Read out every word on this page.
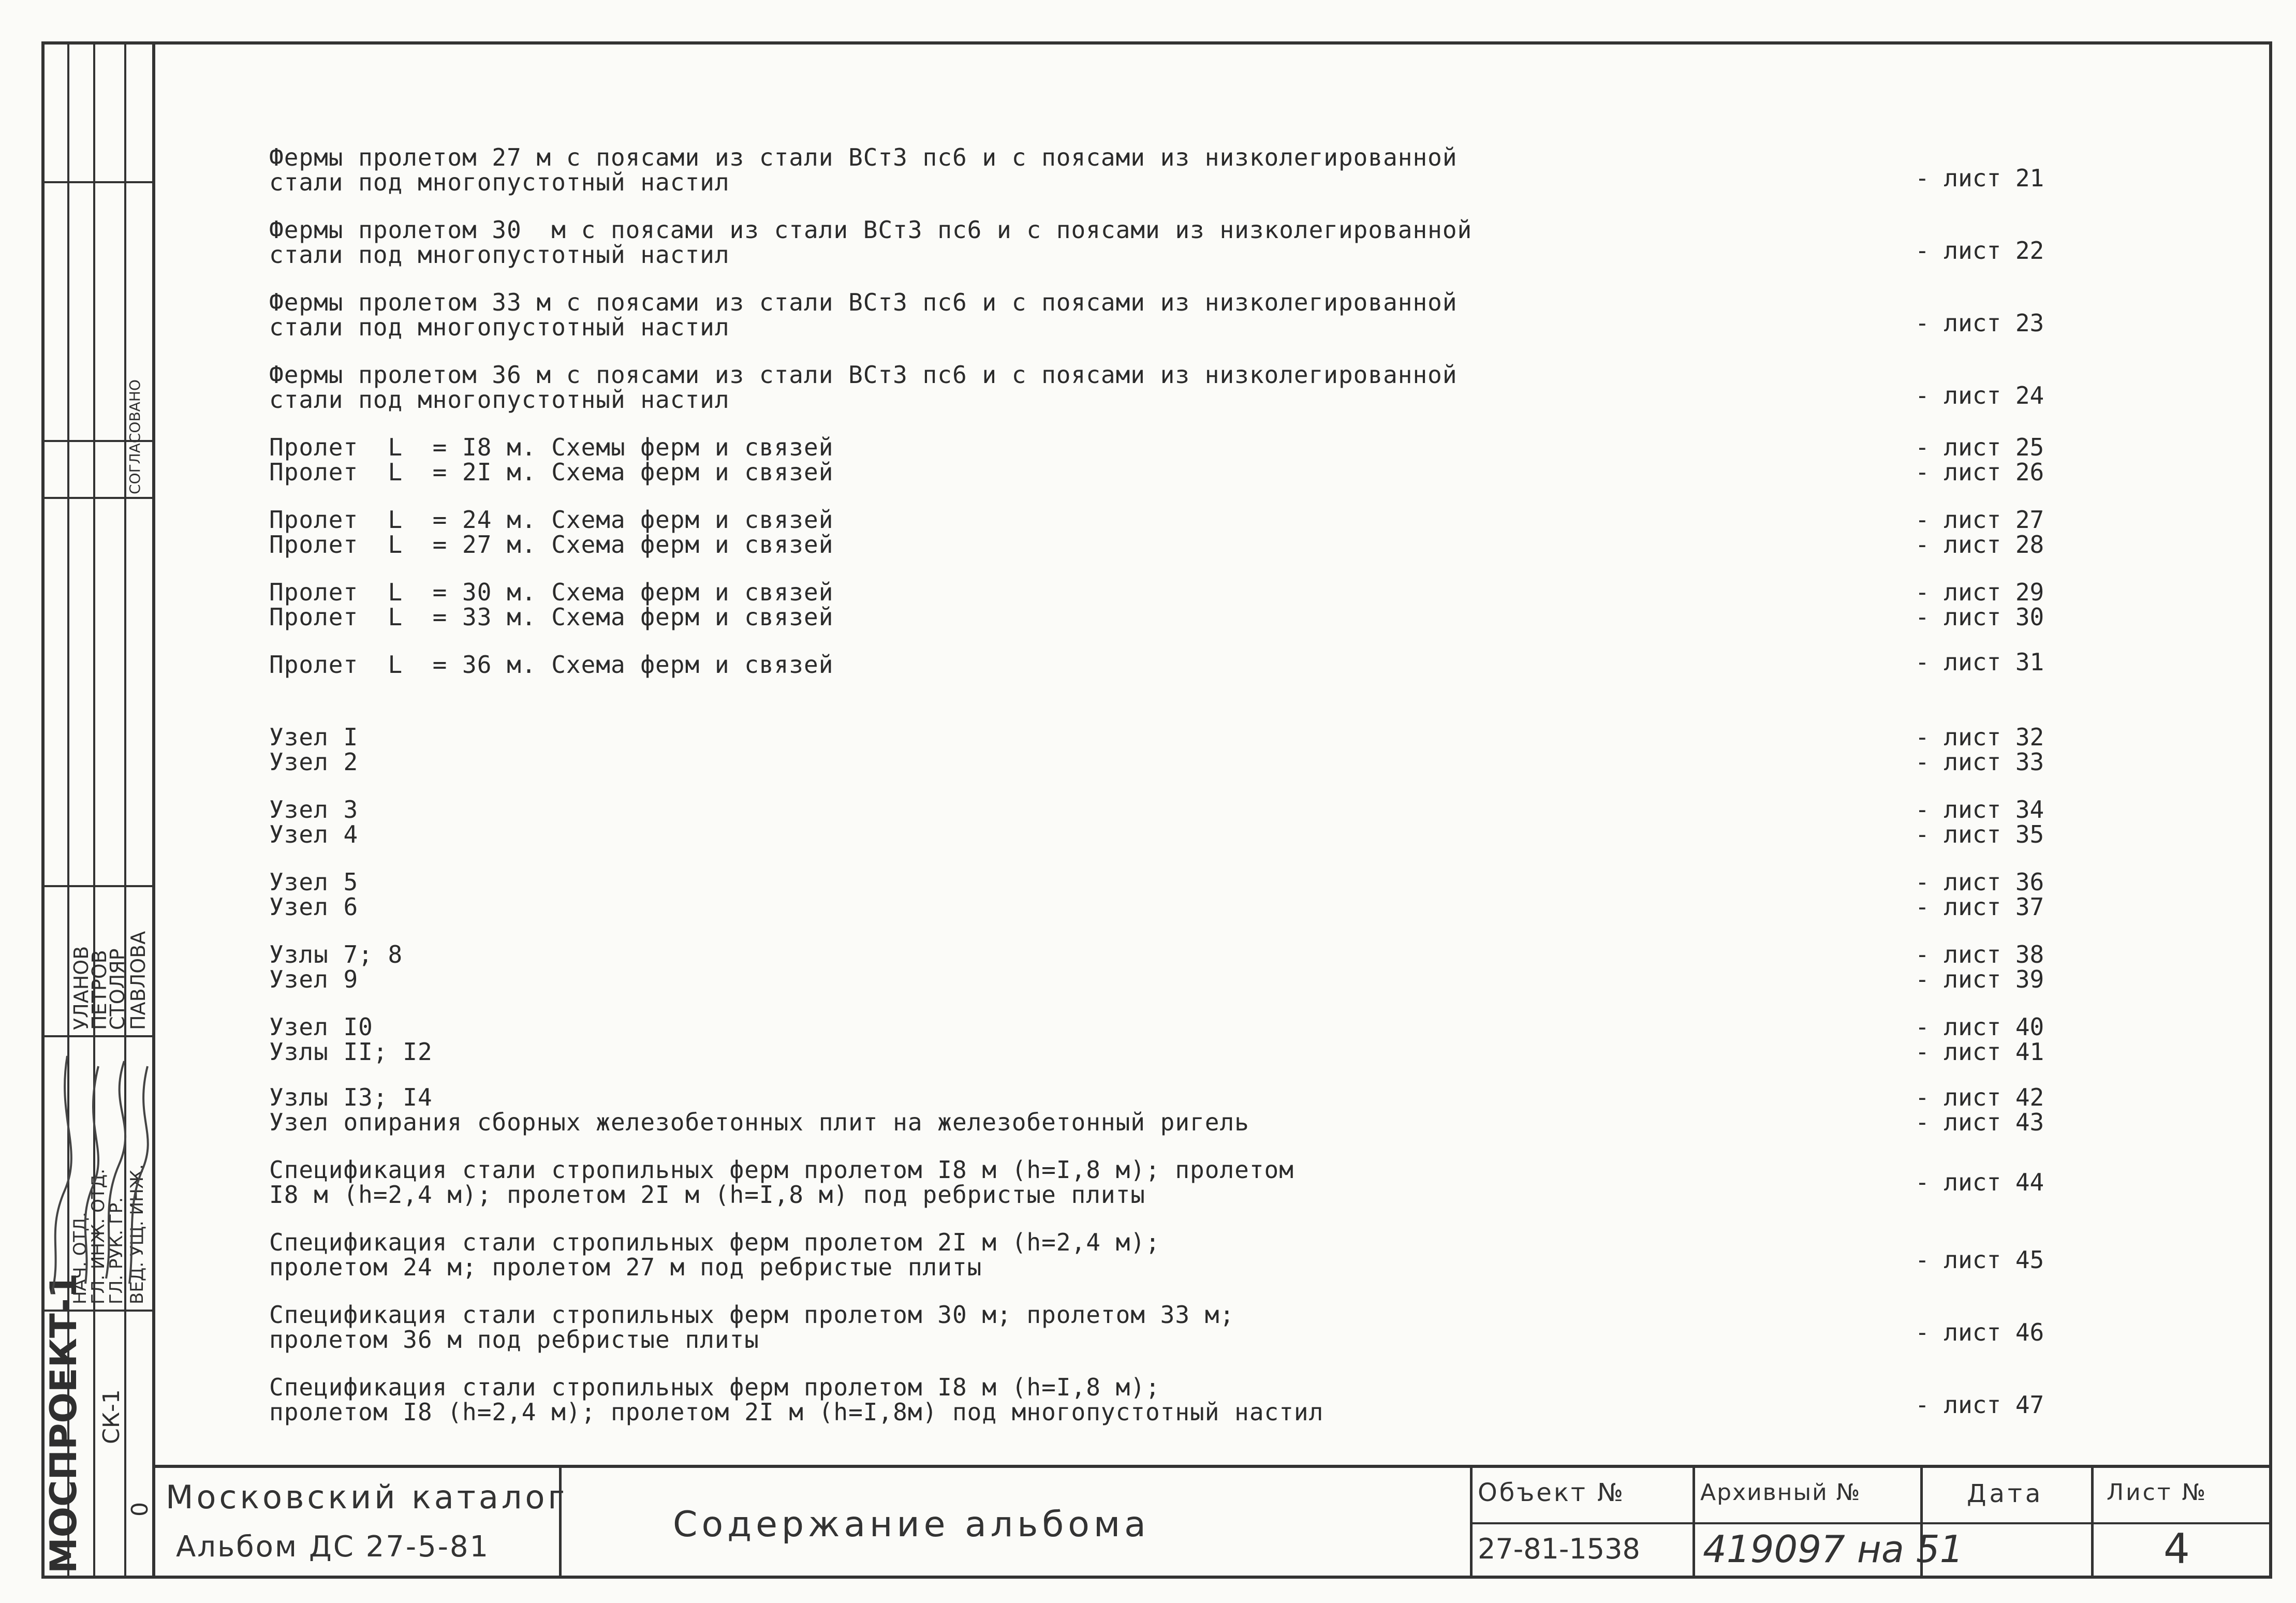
МОСПРОЕКТ-1 СК-1
0
СОГЛАСОВАНО
НАЧ. ОТД.
ГЛ. ИНЖ. ОТД.
ГЛ. РУК. ГР. ВЕД. УЩ. ИНЖ.
УЛАНОВ
ПЕТРОВ
СТОЛЯР
ПАВЛОВА
Фермы пролетом 27 м с поясами из стали ВСт3 пс6 и с поясами из низколегированной
стали под многопустотный настил	- лист 21
Фермы пролетом 30  м с поясами из стали ВСт3 пс6 и с поясами из низколегированной
стали под многопустотный настил	- лист 22
Фермы пролетом 33 м с поясами из стали ВСт3 пс6 и с поясами из низколегированной
стали под многопустотный настил	- лист 23
Фермы пролетом 36 м с поясами из стали ВСт3 пс6 и с поясами из низколегированной
стали под многопустотный настил	- лист 24
Пролет  L  = I8 м. Схемы ферм и связей	- лист 25
Пролет  L  = 2I м. Схема ферм и связей	- лист 26
Пролет  L  = 24 м. Схема ферм и связей	- лист 27
Пролет  L  = 27 м. Схема ферм и связей	- лист 28
Пролет  L  = 30 м. Схема ферм и связей	- лист 29
Пролет  L  = 33 м. Схема ферм и связей	- лист 30
Пролет  L  = 36 м. Схема ферм и связей	- лист 31
Узел I	- лист 32
Узел 2	- лист 33
Узел 3	- лист 34
Узел 4	- лист 35
Узел 5	- лист 36
Узел 6	- лист 37
Узлы 7; 8	- лист 38
Узел 9	- лист 39
Узел I0	- лист 40
Узлы II; I2	- лист 41
Узлы I3; I4	- лист 42
Узел опирания сборных железобетонных плит на железобетонный ригель	- лист 43
Спецификация стали стропильных ферм пролетом I8 м (h=I,8 м); пролетом
I8 м (h=2,4 м); пролетом 2I м (h=I,8 м) под ребристые плиты	- лист 44
Спецификация стали стропильных ферм пролетом 2I м (h=2,4 м);
пролетом 24 м; пролетом 27 м под ребристые плиты	- лист 45
Спецификация стали стропильных ферм пролетом 30 м; пролетом 33 м;
пролетом 36 м под ребристые плиты	- лист 46
Спецификация стали стропильных ферм пролетом I8 м (h=I,8 м);
пролетом I8 (h=2,4 м); пролетом 2I м (h=I,8м) под многопустотный настил	- лист 47
Московский каталог
Альбом ДС 27-5-81
Содержание альбома
Объект №
27-81-1538
Архивный №
419097 на 51
Дата	Лист №
4
